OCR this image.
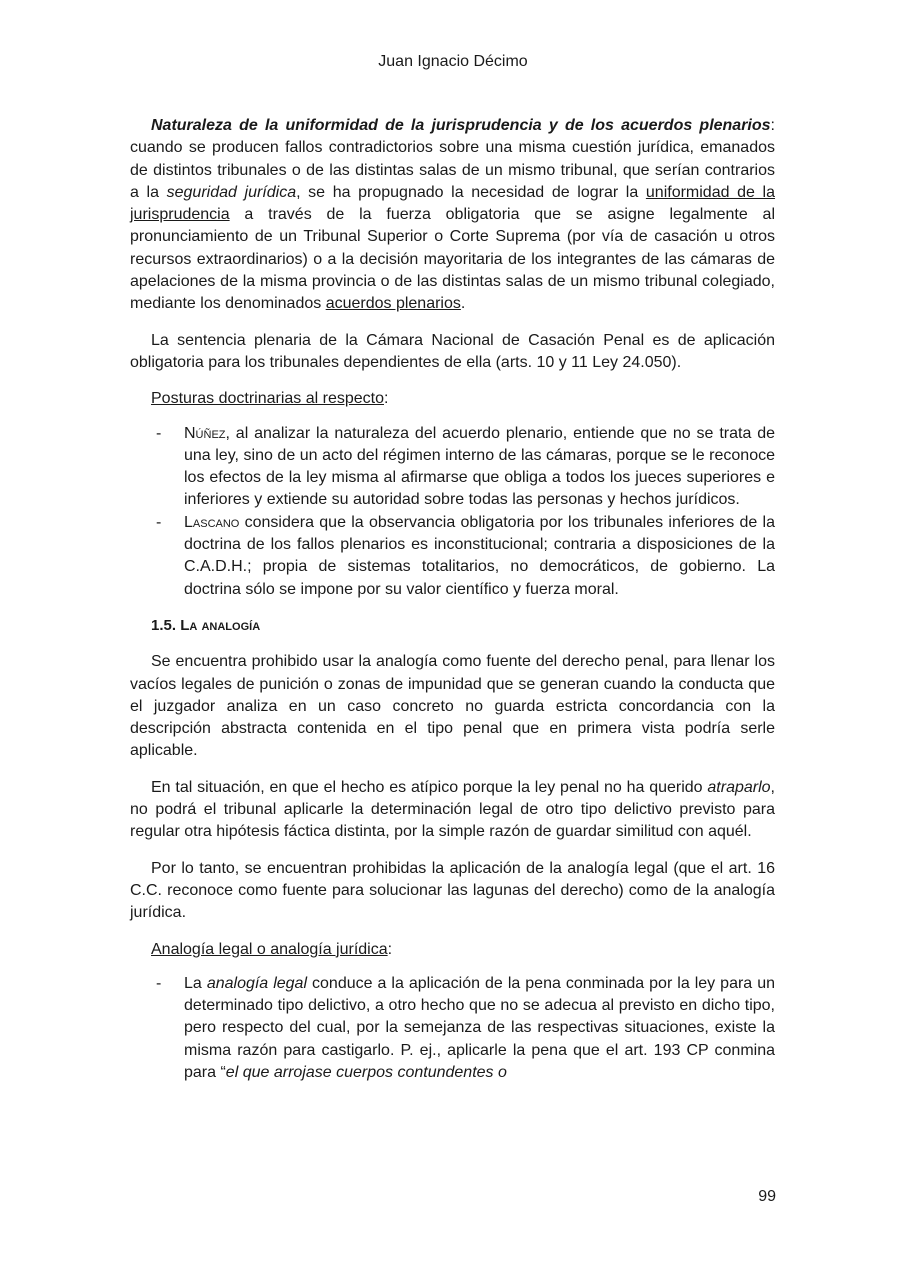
Juan Ignacio Décimo

Naturaleza de la uniformidad de la jurisprudencia y de los acuerdos plenarios: cuando se producen fallos contradictorios sobre una misma cuestión jurídica, emanados de distintos tribunales o de las distintas salas de un mismo tribunal, que serían contrarios a la seguridad jurídica, se ha propugnado la necesidad de lograr la uniformidad de la jurisprudencia a través de la fuerza obligatoria que se asigne legalmente al pronunciamiento de un Tribunal Superior o Corte Suprema (por vía de casación u otros recursos extraordinarios) o a la decisión mayoritaria de los integrantes de las cámaras de apelaciones de la misma provincia o de las distintas salas de un mismo tribunal colegiado, mediante los denominados acuerdos plenarios.

La sentencia plenaria de la Cámara Nacional de Casación Penal es de aplicación obligatoria para los tribunales dependientes de ella (arts. 10 y 11 Ley 24.050).

Posturas doctrinarias al respecto:

- Núñez, al analizar la naturaleza del acuerdo plenario, entiende que no se trata de una ley, sino de un acto del régimen interno de las cámaras, porque se le reconoce los efectos de la ley misma al afirmarse que obliga a todos los jueces superiores e inferiores y extiende su autoridad sobre todas las personas y hechos jurídicos.
- Lascano considera que la observancia obligatoria por los tribunales inferiores de la doctrina de los fallos plenarios es inconstitucional; contraria a disposiciones de la C.A.D.H.; propia de sistemas totalitarios, no democráticos, de gobierno. La doctrina sólo se impone por su valor científico y fuerza moral.
1.5. La analogía

Se encuentra prohibido usar la analogía como fuente del derecho penal, para llenar los vacíos legales de punición o zonas de impunidad que se generan cuando la conducta que el juzgador analiza en un caso concreto no guarda estricta concordancia con la descripción abstracta contenida en el tipo penal que en primera vista podría serle aplicable.

En tal situación, en que el hecho es atípico porque la ley penal no ha querido atraparlo, no podrá el tribunal aplicarle la determinación legal de otro tipo delictivo previsto para regular otra hipótesis fáctica distinta, por la simple razón de guardar similitud con aquél.

Por lo tanto, se encuentran prohibidas la aplicación de la analogía legal (que el art. 16 C.C. reconoce como fuente para solucionar las lagunas del derecho) como de la analogía jurídica.

Analogía legal o analogía jurídica:

- La analogía legal conduce a la aplicación de la pena conminada por la ley para un determinado tipo delictivo, a otro hecho que no se adecua al previsto en dicho tipo, pero respecto del cual, por la semejanza de las respectivas situaciones, existe la misma razón para castigarlo. P. ej., aplicarle la pena que el art. 193 CP conmina para “el que arrojase cuerpos contundentes o
99
